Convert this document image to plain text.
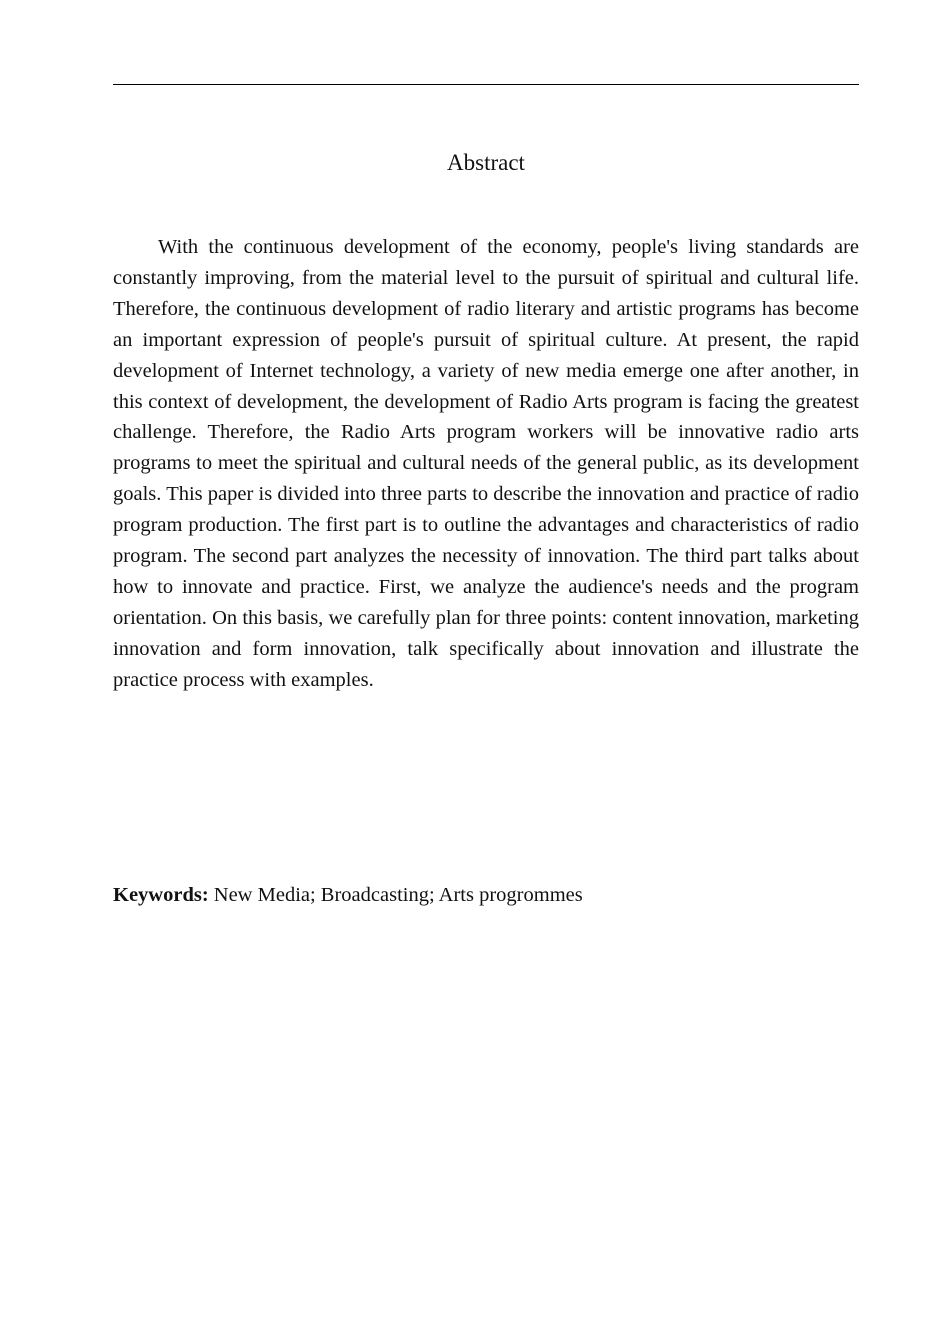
Abstract

With the continuous development of the economy, people's living standards are constantly improving, from the material level to the pursuit of spiritual and cultural life. Therefore, the continuous development of radio literary and artistic programs has become an important expression of people's pursuit of spiritual culture. At present, the rapid development of Internet technology, a variety of new media emerge one after another, in this context of development, the development of Radio Arts program is facing the greatest challenge. Therefore, the Radio Arts program workers will be innovative radio arts programs to meet the spiritual and cultural needs of the general public, as its development goals. This paper is divided into three parts to describe the innovation and practice of radio program production. The first part is to outline the advantages and characteristics of radio program. The second part analyzes the necessity of innovation. The third part talks about how to innovate and practice. First, we analyze the audience's needs and the program orientation. On this basis, we carefully plan for three points: content innovation, marketing innovation and form innovation, talk specifically about innovation and illustrate the practice process with examples.

Keywords: New Media; Broadcasting; Arts progrommes
